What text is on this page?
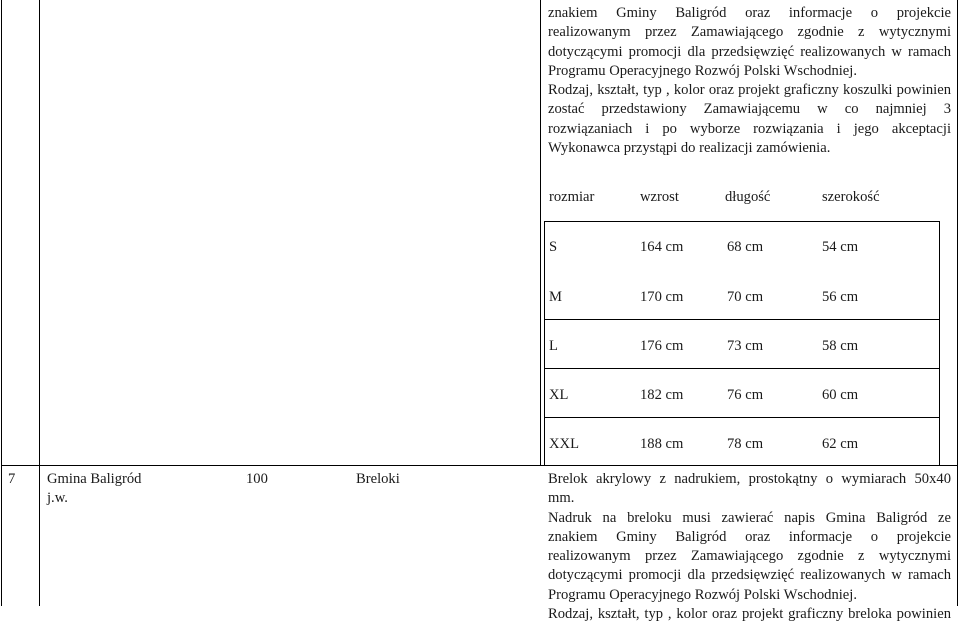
znakiem Gminy Baligród oraz informacje o projekcie
realizowanym przez Zamawiającego zgodnie z wytycznymi
dotyczącymi promocji dla przedsięwzięć realizowanych w ramach
Programu Operacyjnego Rozwój Polski Wschodniej.
Rodzaj, kształt, typ , kolor oraz projekt graficzny koszulki powinien
zostać przedstawiony Zamawiającemu w co najmniej 3
rozwiązaniach i po wyborze rozwiązania i jego akceptacji
Wykonawca przystąpi do realizacji zamówienia.
rozmiar	wzrost	długość	szerokość
S	164 cm	68 cm	54 cm
M	170 cm	70 cm	56 cm
L	176 cm	73 cm	58 cm
XL	182 cm	76 cm	60 cm
XXL	188 cm	78 cm	62 cm
7 Gmina Baligród
j.w.
100	Breloki	Brelok akrylowy z nadrukiem, prostokątny o wymiarach 50x40
mm.
Nadruk na breloku musi zawierać napis Gmina Baligród ze
znakiem Gminy Baligród oraz informacje o projekcie
realizowanym przez Zamawiającego zgodnie z wytycznymi
dotyczącymi promocji dla przedsięwzięć realizowanych w ramach
Programu Operacyjnego Rozwój Polski Wschodniej.
Rodzaj, kształt, typ , kolor oraz projekt graficzny breloka powinien
